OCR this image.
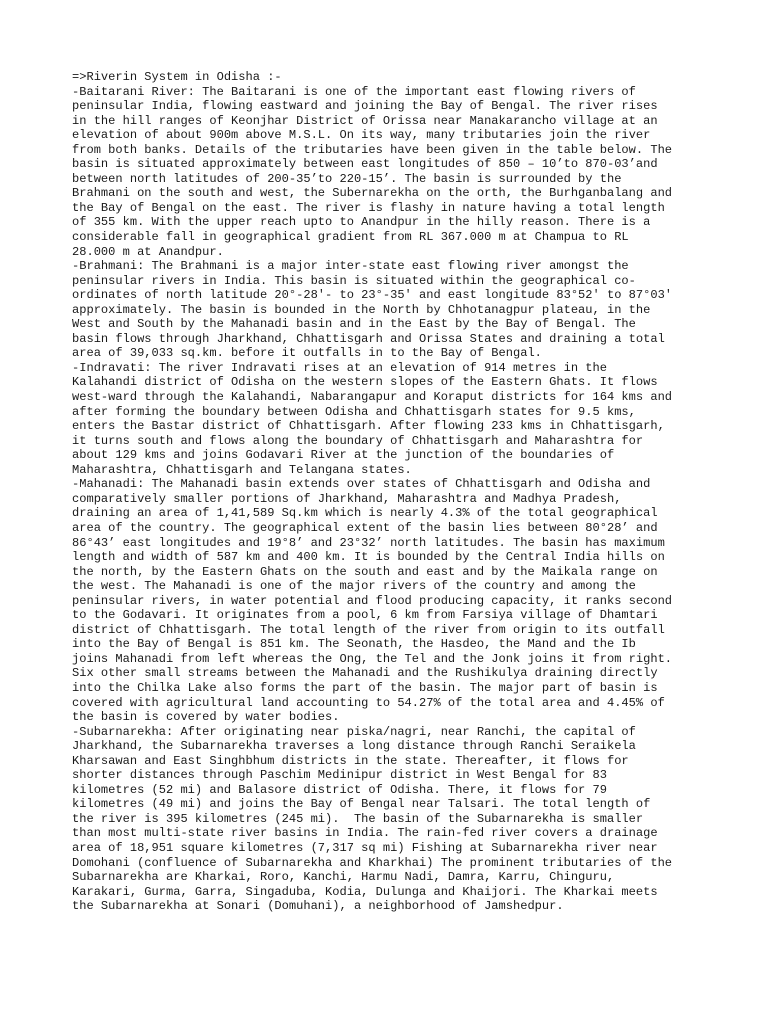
=>Riverin System in Odisha :-
-Baitarani River: The Baitarani is one of the important east flowing rivers of
peninsular India, flowing eastward and joining the Bay of Bengal. The river rises
in the hill ranges of Keonjhar District of Orissa near Manakarancho village at an
elevation of about 900m above M.S.L. On its way, many tributaries join the river
from both banks. Details of the tributaries have been given in the table below. The
basin is situated approximately between east longitudes of 850 – 10’to 870-03’and
between north latitudes of 200-35’to 220-15’. The basin is surrounded by the
Brahmani on the south and west, the Subernarekha on the orth, the Burhganbalang and
the Bay of Bengal on the east. The river is flashy in nature having a total length
of 355 km. With the upper reach upto to Anandpur in the hilly reason. There is a
considerable fall in geographical gradient from RL 367.000 m at Champua to RL
28.000 m at Anandpur.
-Brahmani: The Brahmani is a major inter-state east flowing river amongst the
peninsular rivers in India. This basin is situated within the geographical co-
ordinates of north latitude 20°-28'- to 23°-35' and east longitude 83°52' to 87°03'
approximately. The basin is bounded in the North by Chhotanagpur plateau, in the
West and South by the Mahanadi basin and in the East by the Bay of Bengal. The
basin flows through Jharkhand, Chhattisgarh and Orissa States and draining a total
area of 39,033 sq.km. before it outfalls in to the Bay of Bengal.
-Indravati: The river Indravati rises at an elevation of 914 metres in the
Kalahandi district of Odisha on the western slopes of the Eastern Ghats. It flows
west-ward through the Kalahandi, Nabarangapur and Koraput districts for 164 kms and
after forming the boundary between Odisha and Chhattisgarh states for 9.5 kms,
enters the Bastar district of Chhattisgarh. After flowing 233 kms in Chhattisgarh,
it turns south and flows along the boundary of Chhattisgarh and Maharashtra for
about 129 kms and joins Godavari River at the junction of the boundaries of
Maharashtra, Chhattisgarh and Telangana states.
-Mahanadi: The Mahanadi basin extends over states of Chhattisgarh and Odisha and
comparatively smaller portions of Jharkhand, Maharashtra and Madhya Pradesh,
draining an area of 1,41,589 Sq.km which is nearly 4.3% of the total geographical
area of the country. The geographical extent of the basin lies between 80°28’ and
86°43’ east longitudes and 19°8’ and 23°32’ north latitudes. The basin has maximum
length and width of 587 km and 400 km. It is bounded by the Central India hills on
the north, by the Eastern Ghats on the south and east and by the Maikala range on
the west. The Mahanadi is one of the major rivers of the country and among the
peninsular rivers, in water potential and flood producing capacity, it ranks second
to the Godavari. It originates from a pool, 6 km from Farsiya village of Dhamtari
district of Chhattisgarh. The total length of the river from origin to its outfall
into the Bay of Bengal is 851 km. The Seonath, the Hasdeo, the Mand and the Ib
joins Mahanadi from left whereas the Ong, the Tel and the Jonk joins it from right.
Six other small streams between the Mahanadi and the Rushikulya draining directly
into the Chilka Lake also forms the part of the basin. The major part of basin is
covered with agricultural land accounting to 54.27% of the total area and 4.45% of
the basin is covered by water bodies.
-Subarnarekha: After originating near piska/nagri, near Ranchi, the capital of
Jharkhand, the Subarnarekha traverses a long distance through Ranchi Seraikela
Kharsawan and East Singhbhum districts in the state. Thereafter, it flows for
shorter distances through Paschim Medinipur district in West Bengal for 83
kilometres (52 mi) and Balasore district of Odisha. There, it flows for 79
kilometres (49 mi) and joins the Bay of Bengal near Talsari. The total length of
the river is 395 kilometres (245 mi).  The basin of the Subarnarekha is smaller
than most multi-state river basins in India. The rain-fed river covers a drainage
area of 18,951 square kilometres (7,317 sq mi) Fishing at Subarnarekha river near
Domohani (confluence of Subarnarekha and Kharkhai) The prominent tributaries of the
Subarnarekha are Kharkai, Roro, Kanchi, Harmu Nadi, Damra, Karru, Chinguru,
Karakari, Gurma, Garra, Singaduba, Kodia, Dulunga and Khaijori. The Kharkai meets
the Subarnarekha at Sonari (Domuhani), a neighborhood of Jamshedpur.
